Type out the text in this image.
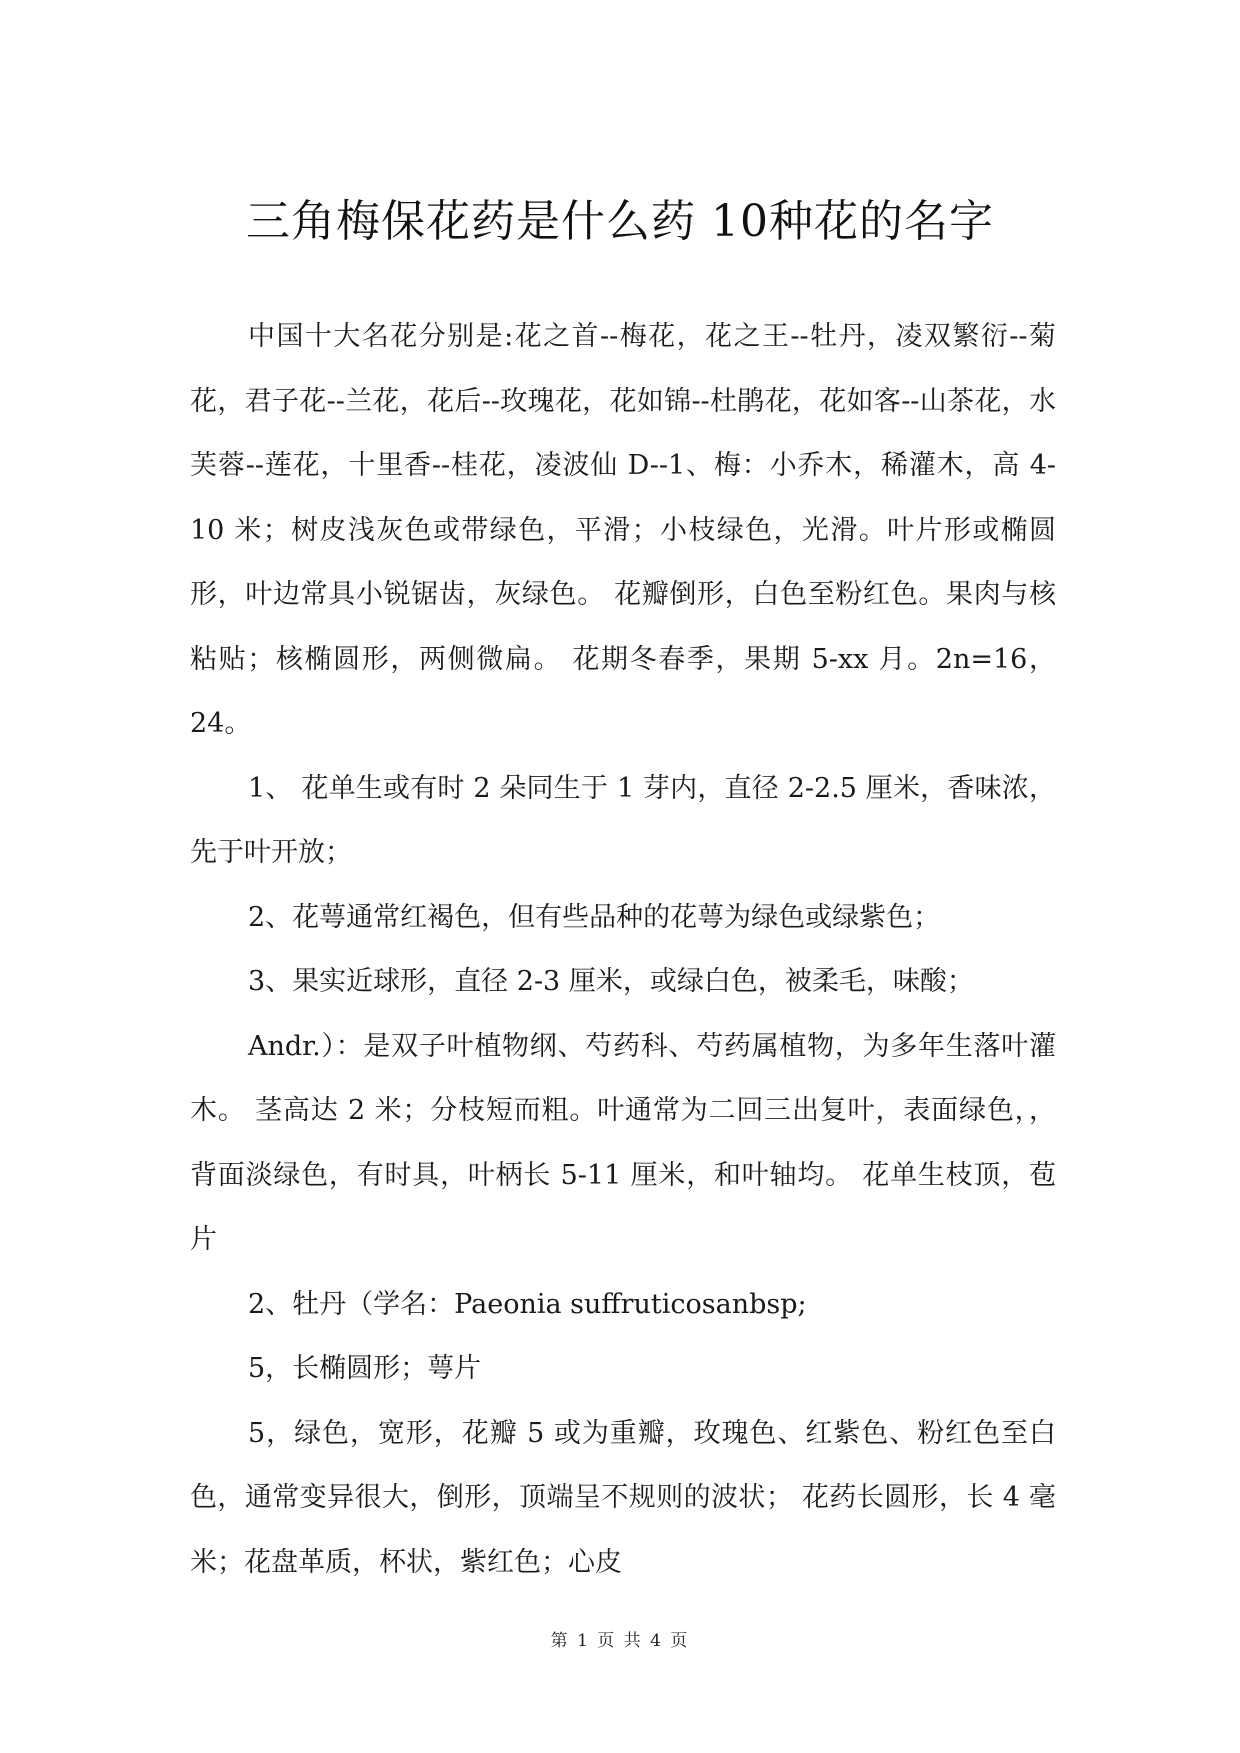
三角梅保花药是什么药 10种花的名字

中国十大名花分别是:花之首--梅花，花之王--牡丹，凌双繁衍--菊花，君子花--兰花，花后--玫瑰花，花如锦--杜鹃花，花如客--山茶花，水芙蓉--莲花，十里香--桂花，凌波仙 D--1、梅：小乔木，稀灌木，高 4-10 米；树皮浅灰色或带绿色，平滑；小枝绿色，光滑。叶片形或椭圆形，叶边常具小锐锯齿，灰绿色。 花瓣倒形，白色至粉红色。果肉与核粘贴；核椭圆形，两侧微扁。 花期冬春季，果期 5-xx 月。2n=16，24。

1、 花单生或有时 2 朵同生于 1 芽内，直径 2-2.5 厘米，香味浓，先于叶开放；

2、花萼通常红褐色，但有些品种的花萼为绿色或绿紫色；

3、果实近球形，直径 2-3 厘米，或绿白色，被柔毛，味酸；

Andr.）：是双子叶植物纲、芍药科、芍药属植物，为多年生落叶灌木。 茎高达 2 米；分枝短而粗。叶通常为二回三出复叶，表面绿色，，背面淡绿色，有时具，叶柄长 5-11 厘米，和叶轴均。 花单生枝顶，苞片

2、牡丹（学名：Paeonia suffruticosanbsp;

5，长椭圆形；萼片

5，绿色，宽形，花瓣 5 或为重瓣，玫瑰色、红紫色、粉红色至白色，通常变异很大，倒形，顶端呈不规则的波状； 花药长圆形，长 4 毫米；花盘革质，杯状，紫红色；心皮

第 1 页 共 4 页
